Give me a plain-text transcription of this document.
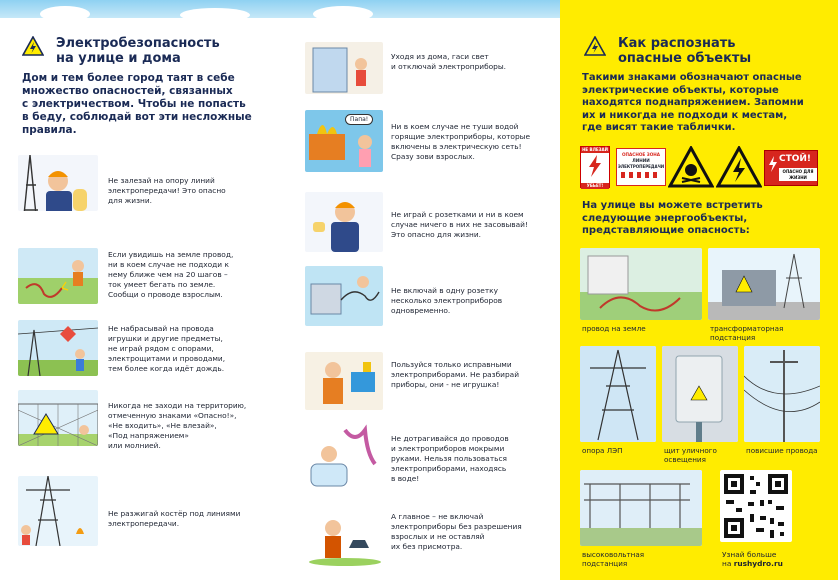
Электробезопасность
на улице и дома
Дом и тем более город таят в себе
множество опасностей, связанных
с электричеством. Чтобы не попасть
в беду, соблюдай вот эти несложные
правила.
Не залезай на опору линий
электропередачи! Это опасно
для жизни.
Если увидишь на земле провод,
ни в коем случае не подходи к
нему ближе чем на 20 шагов –
ток умеет бегать по земле.
Сообщи о проводе взрослым.
Не набрасывай на провода
игрушки и другие предметы,
не играй рядом с опорами,
электрощитами и проводами,
тем более когда идёт дождь.
Никогда не заходи на территорию,
отмеченную знаками «Опасно!»,
«Не входить», «Не влезай»,
«Под напряжением»
или молнией.
Не разжигай костёр под линиями
электропередачи.
Уходя из дома, гаси свет
и отключай электроприборы.
Папа!
Ни в коем случае не туши водой
горящие электроприборы, которые
включены в электрическую сеть!
Сразу зови взрослых.
Не играй с розетками и ни в коем
случае ничего в них не засовывай!
Это опасно для жизни.
Не включай в одну розетку
несколько электроприборов
одновременно.
Пользуйся только исправными
электроприборами. Не разбирай
приборы, они - не игрушка!
Не дотрагивайся до проводов
и электроприборов мокрыми
руками. Нельзя пользоваться
электроприборами, находясь
в воде!
А главное – не включай
электроприборы без разрешения
взрослых и не оставляй
их без присмотра.
Как распознать
опасные объекты
Такими знаками обозначают опасные
электрические объекты, которые
находятся поднапряжением. Запомни
их и никогда не подходи к местам,
где висят такие таблички.
НЕ ВЛЕЗАЙ
УБЬЕТ!
ОПАСНОЕ ЗОНА
ЛИНИИ
ЭЛЕКТРОПЕРЕДАЧИ
СТОЙ!
ОПАСНО ДЛЯ
ЖИЗНИ
На улице вы можете встретить
следующие энергообъекты,
представляющие опасность:
провод на земле	трансформаторная
подстанция
опора ЛЭП	щит уличного
освещения
повисшие провода
высоковольтная
подстанция
Узнай больше
на rushydro.ru
